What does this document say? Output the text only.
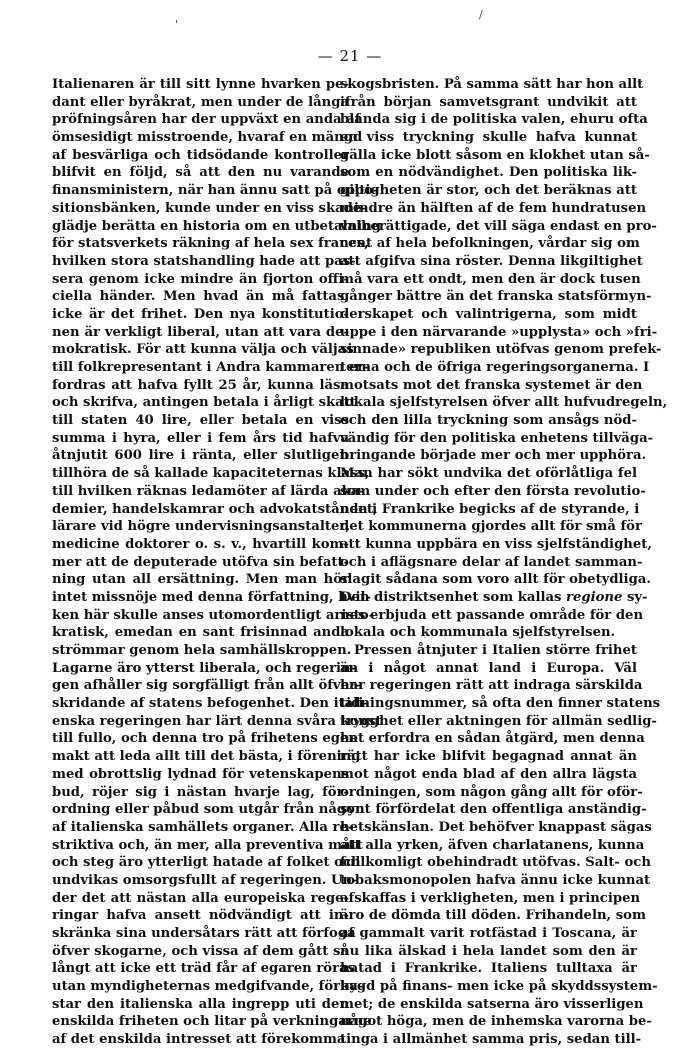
'
/
— 21 —
Italienaren är till sitt lynne hvarken pe-
dant eller byråkrat, men under de långa
pröfningsåren har der uppväxt en anda af
ömsesidigt misstroende, hvaraf en mängd
af besvärliga och tidsödande kontroller
blifvit en följd, så att den nu varande
finansministern, när han ännu satt på oppo-
sitionsbänken, kunde under en viss skade-
glädje berätta en historia om en utbetalning
för statsverkets räkning af hela sex francs,
hvilken stora statshandling hade att pas-
sera genom icke mindre än fjorton offi-
ciella händer. Men hvad än må fattas,
icke är det frihet. Den nya konstitutio-
nen är verkligt liberal, utan att vara de-
mokratisk. För att kunna välja och väljas
till folkrepresentant i Andra kammaren er-
fordras att hafva fyllt 25 år, kunna läsa
och skrifva, antingen betala i årligt skatt
till staten 40 lire, eller betala en viss
summa i hyra, eller i fem års tid hafva
åtnjutit 600 lire i ränta, eller slutligen
tillhöra de så kallade kapaciteternas klass,
till hvilken räknas ledamöter af lärda aka-
demier, handelskamrar och advokatståndet,
lärare vid högre undervisningsanstalter,
medicine doktorer o. s. v., hvartill kom-
mer att de deputerade utöfva sin befatt-
ning utan all ersättning. Men man hör
intet missnöje med denna författning, hvil-
ken här skulle anses utomordentligt aristo-
kratisk, emedan en sant frisinnad anda
strömmar genom hela samhällskroppen.
Lagarne äro ytterst liberala, och regerin-
gen afhåller sig sorgfälligt från allt öfver-
skridande af statens befogenhet. Den itali-
enska regeringen har lärt denna svåra konst
till fullo, och denna tro på frihetens egen
makt att leda allt till det bästa, i förening
med obrottslig lydnad för vetenskapens
bud, röjer sig i nästan hvarje lag, för-
ordning eller påbud som utgår från någon
af italienska samhällets organer. Alla re-
striktiva och, än mer, alla preventiva mått
och steg äro ytterligt hatade af folket och
undvikas omsorgsfullt af regeringen. Un-
der det att nästan alla europeiska rege-
ringar hafva ansett nödvändigt att in-
skränka sina undersåtars rätt att förfoga
öfver skogarne, och vissa af dem gått så
långt att icke ett träd får af egaren röras
utan myndigheternas medgifvande, förka-
star den italienska alla ingrepp uti den
enskilda friheten och litar på verkningarne
af det enskilda intresset att förekomma
skogsbristen. På samma sätt har hon allt
ifrån början samvetsgrant undvikit att
blanda sig i de politiska valen, ehuru ofta
en viss tryckning skulle hafva kunnat
gälla icke blott såsom en klokhet utan så-
som en nödvändighet. Den politiska lik-
giltigheten är stor, och det beräknas att
mindre än hälften af de fem hundratusen
valberättigade, det vill säga endast en pro-
cent af hela befolkningen, vårdar sig om
att afgifva sina röster. Denna likgiltighet
må vara ett ondt, men den är dock tusen
gånger bättre än det franska statsförmyn-
derskapet och valintrigerna, som midt
uppe i den närvarande »upplysta» och »fri-
sinnade» republiken utöfvas genom prefek-
terna och de öfriga regeringsorganerna. I
motsats mot det franska systemet är den
lokala sjelfstyrelsen öfver allt hufvudregeln,
och den lilla tryckning som ansågs nöd-
vändig för den politiska enhetens tillväga-
bringande började mer och mer upphöra.
Man har sökt undvika det oförlåtliga fel
som under och efter den första revolutio-
nen i Frankrike begicks af de styrande, i
det kommunerna gjordes allt för små för
att kunna uppbära en viss sjelfständighet,
och i aflägsnare delar af landet samman-
slagit sådana som voro allt för obetydliga.
Den distriktsenhet som kallas regione sy-
nes erbjuda ett passande område för den
lokala och kommunala sjelfstyrelsen.
Pressen åtnjuter i Italien större frihet
än i något annat land i Europa. Väl
har regeringen rätt att indraga särskilda
tidningsnummer, så ofta den finner statens
trygghet eller aktningen för allmän sedlig-
het erfordra en sådan åtgärd, men denna
rätt har icke blifvit begagnad annat än
mot något enda blad af den allra lägsta
ordningen, som någon gång allt för oför-
synt förfördelat den offentliga anständig-
hetskänslan. Det behöfver knappast sägas
att alla yrken, äfven charlatanens, kunna
fullkomligt obehindradt utöfvas. Salt- och
tobaksmonopolen hafva ännu icke kunnat
afskaffas i verkligheten, men i principen
äro de dömda till döden. Frihandeln, som
af gammalt varit rotfästad i Toscana, är
nu lika älskad i hela landet som den är
hatad i Frankrike. Italiens tulltaxa är
bygd på finans- men icke på skyddssystem-
met; de enskilda satserna äro visserligen
något höga, men de inhemska varorna be-
tinga i allmänhet samma pris, sedan till-
